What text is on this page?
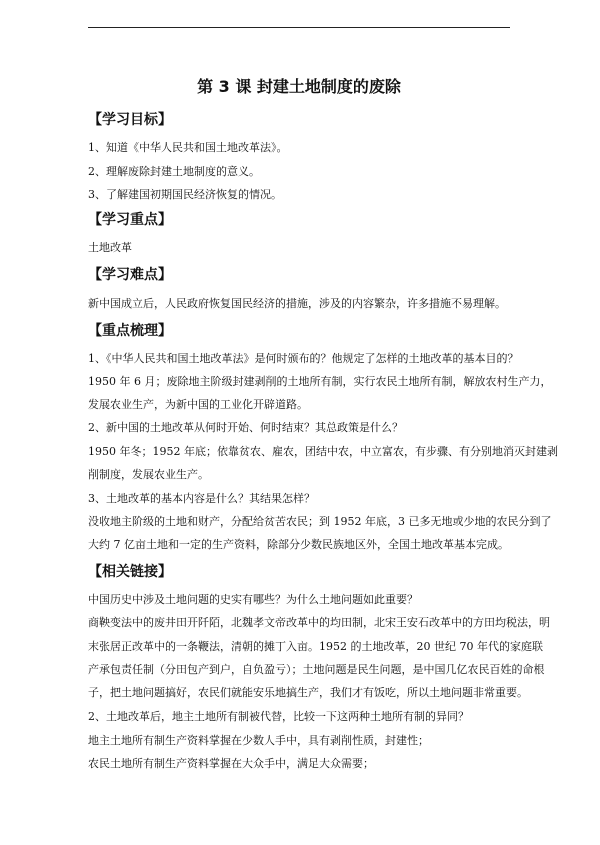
第 3 课 封建土地制度的废除
【学习目标】
1、知道《中华人民共和国土地改革法》。
2、理解废除封建土地制度的意义。
3、了解建国初期国民经济恢复的情况。
【学习重点】
土地改革
【学习难点】
新中国成立后，人民政府恢复国民经济的措施，涉及的内容繁杂，许多措施不易理解。
【重点梳理】
1、《中华人民共和国土地改革法》是何时颁布的？他规定了怎样的土地改革的基本目的？
1950 年 6 月；废除地主阶级封建剥削的土地所有制，实行农民土地所有制，解放农村生产力，
发展农业生产，为新中国的工业化开辟道路。
2、新中国的土地改革从何时开始、何时结束？其总政策是什么？
1950 年冬；1952 年底；依靠贫农、雇农，团结中农，中立富农，有步骤、有分别地消灭封建剥
削制度，发展农业生产。
3、土地改革的基本内容是什么？其结果怎样？
没收地主阶级的土地和财产，分配给贫苦农民；到 1952 年底，3 已多无地或少地的农民分到了
大约 7 亿亩土地和一定的生产资料，除部分少数民族地区外，全国土地改革基本完成。
【相关链接】
中国历史中涉及土地问题的史实有哪些？为什么土地问题如此重要？
商鞅变法中的废井田开阡陌，北魏孝文帝改革中的均田制，北宋王安石改革中的方田均税法，明
末张居正改革中的一条鞭法，清朝的摊丁入亩。1952 的土地改革，20 世纪 70 年代的家庭联
产承包责任制（分田包产到户，自负盈亏）；土地问题是民生问题，是中国几亿农民百姓的命根
子，把土地问题搞好，农民们就能安乐地搞生产，我们才有饭吃，所以土地问题非常重要。
2、土地改革后，地主土地所有制被代替，比较一下这两种土地所有制的异同？
地主土地所有制生产资料掌握在少数人手中，具有剥削性质，封建性；
农民土地所有制生产资料掌握在大众手中，满足大众需要；
